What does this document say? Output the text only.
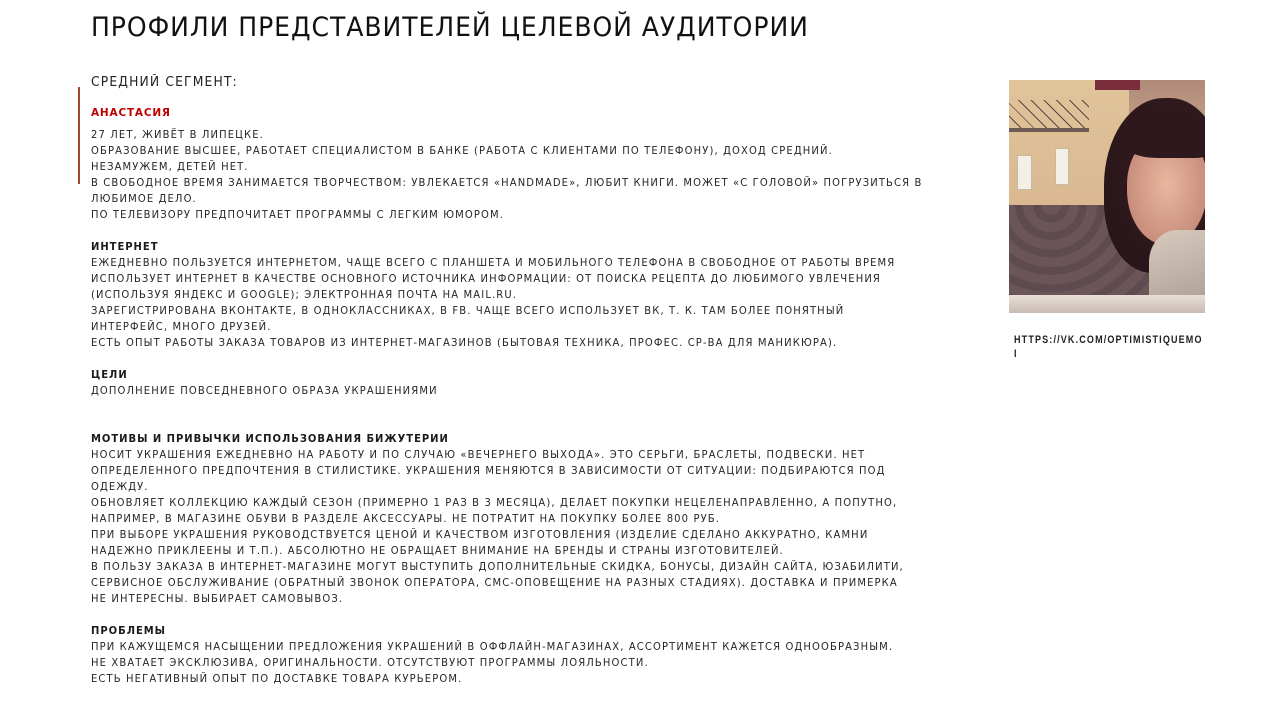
ПРОФИЛИ ПРЕДСТАВИТЕЛЕЙ ЦЕЛЕВОЙ АУДИТОРИИ
СРЕДНИЙ СЕГМЕНТ:
АНАСТАСИЯ
27 ЛЕТ, ЖИВЁТ В ЛИПЕЦКЕ.
ОБРАЗОВАНИЕ ВЫСШЕЕ, РАБОТАЕТ СПЕЦИАЛИСТОМ В БАНКЕ (РАБОТА С КЛИЕНТАМИ ПО ТЕЛЕФОНУ), ДОХОД СРЕДНИЙ.
НЕЗАМУЖЕМ, ДЕТЕЙ НЕТ.
В СВОБОДНОЕ ВРЕМЯ ЗАНИМАЕТСЯ ТВОРЧЕСТВОМ: УВЛЕКАЕТСЯ «HANDMADE», ЛЮБИТ КНИГИ. МОЖЕТ «С ГОЛОВОЙ» ПОГРУЗИТЬСЯ В
ЛЮБИМОЕ ДЕЛО.
ПО ТЕЛЕВИЗОРУ ПРЕДПОЧИТАЕТ ПРОГРАММЫ С ЛЕГКИМ ЮМОРОМ.
ИНТЕРНЕТ
ЕЖЕДНЕВНО ПОЛЬЗУЕТСЯ ИНТЕРНЕТОМ, ЧАЩЕ ВСЕГО С ПЛАНШЕТА И МОБИЛЬНОГО ТЕЛЕФОНА В СВОБОДНОЕ ОТ РАБОТЫ ВРЕМЯ
ИСПОЛЬЗУЕТ ИНТЕРНЕТ В КАЧЕСТВЕ ОСНОВНОГО ИСТОЧНИКА ИНФОРМАЦИИ: ОТ ПОИСКА РЕЦЕПТА ДО ЛЮБИМОГО УВЛЕЧЕНИЯ
(ИСПОЛЬЗУЯ ЯНДЕКС И GOOGLE); ЭЛЕКТРОННАЯ ПОЧТА НА MAIL.RU.
ЗАРЕГИСТРИРОВАНА ВКОНТАКТЕ, В ОДНОКЛАССНИКАХ, В FB. ЧАЩЕ ВСЕГО ИСПОЛЬЗУЕТ ВК, Т. К. ТАМ БОЛЕЕ ПОНЯТНЫЙ
ИНТЕРФЕЙС, МНОГО ДРУЗЕЙ.
ЕСТЬ ОПЫТ РАБОТЫ ЗАКАЗА ТОВАРОВ ИЗ ИНТЕРНЕТ-МАГАЗИНОВ (БЫТОВАЯ ТЕХНИКА, ПРОФЕС. СР-ВА ДЛЯ МАНИКЮРА).
ЦЕЛИ
ДОПОЛНЕНИЕ ПОВСЕДНЕВНОГО ОБРАЗА УКРАШЕНИЯМИ
МОТИВЫ И ПРИВЫЧКИ ИСПОЛЬЗОВАНИЯ БИЖУТЕРИИ
НОСИТ УКРАШЕНИЯ ЕЖЕДНЕВНО НА РАБОТУ И ПО СЛУЧАЮ «ВЕЧЕРНЕГО ВЫХОДА». ЭТО СЕРЬГИ, БРАСЛЕТЫ, ПОДВЕСКИ. НЕТ
ОПРЕДЕЛЕННОГО ПРЕДПОЧТЕНИЯ В СТИЛИСТИКЕ. УКРАШЕНИЯ МЕНЯЮТСЯ В ЗАВИСИМОСТИ ОТ СИТУАЦИИ: ПОДБИРАЮТСЯ ПОД
ОДЕЖДУ.
ОБНОВЛЯЕТ КОЛЛЕКЦИЮ КАЖДЫЙ СЕЗОН (ПРИМЕРНО 1 РАЗ В 3 МЕСЯЦА), ДЕЛАЕТ ПОКУПКИ НЕЦЕЛЕНАПРАВЛЕННО, А ПОПУТНО,
НАПРИМЕР, В МАГАЗИНЕ ОБУВИ В РАЗДЕЛЕ АКСЕССУАРЫ. НЕ ПОТРАТИТ НА ПОКУПКУ БОЛЕЕ 800 РУБ.
ПРИ ВЫБОРЕ УКРАШЕНИЯ РУКОВОДСТВУЕТСЯ ЦЕНОЙ И КАЧЕСТВОМ ИЗГОТОВЛЕНИЯ (ИЗДЕЛИЕ СДЕЛАНО АККУРАТНО, КАМНИ
НАДЕЖНО ПРИКЛЕЕНЫ И Т.П.). АБСОЛЮТНО НЕ ОБРАЩАЕТ ВНИМАНИЕ НА БРЕНДЫ И СТРАНЫ ИЗГОТОВИТЕЛЕЙ.
В ПОЛЬЗУ ЗАКАЗА В ИНТЕРНЕТ-МАГАЗИНЕ МОГУТ ВЫСТУПИТЬ ДОПОЛНИТЕЛЬНЫЕ СКИДКА, БОНУСЫ, ДИЗАЙН САЙТА, ЮЗАБИЛИТИ,
СЕРВИСНОЕ ОБСЛУЖИВАНИЕ (ОБРАТНЫЙ ЗВОНОК ОПЕРАТОРА, СМС-ОПОВЕЩЕНИЕ НА РАЗНЫХ СТАДИЯХ). ДОСТАВКА И ПРИМЕРКА
НЕ ИНТЕРЕСНЫ. ВЫБИРАЕТ САМОВЫВОЗ.
ПРОБЛЕМЫ
ПРИ КАЖУЩЕМСЯ НАСЫЩЕНИИ ПРЕДЛОЖЕНИЯ УКРАШЕНИЙ В ОФФЛАЙН-МАГАЗИНАХ, АССОРТИМЕНТ КАЖЕТСЯ ОДНООБРАЗНЫМ.
НЕ ХВАТАЕТ ЭКСКЛЮЗИВА, ОРИГИНАЛЬНОСТИ. ОТСУТСТВУЮТ ПРОГРАММЫ ЛОЯЛЬНОСТИ.
ЕСТЬ НЕГАТИВНЫЙ ОПЫТ ПО ДОСТАВКЕ ТОВАРА КУРЬЕРОМ.
HTTPS://VK.COM/OPTIMISTIQUEMOI
